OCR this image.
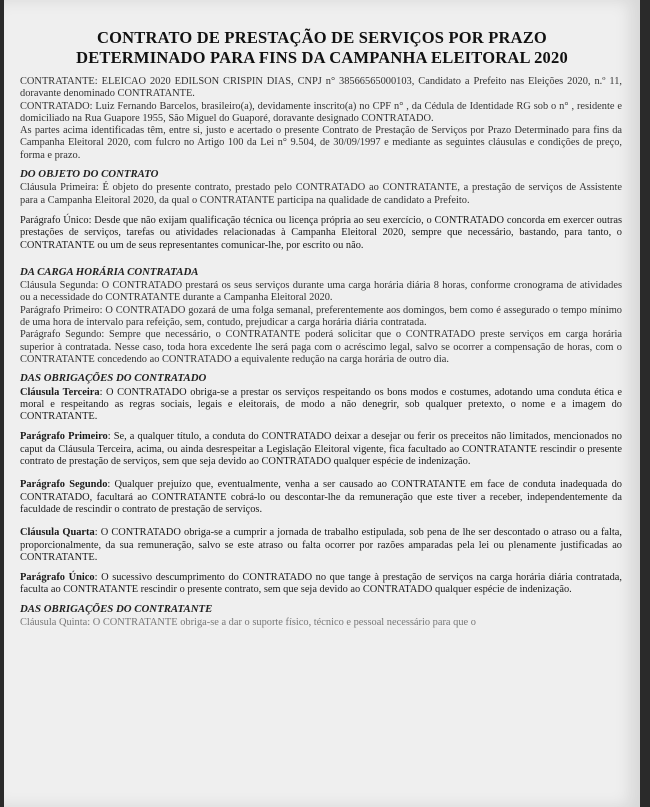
CONTRATO DE PRESTAÇÃO DE SERVIÇOS POR PRAZO
DETERMINADO PARA FINS DA CAMPANHA ELEITORAL 2020

CONTRATANTE: ELEICAO 2020 EDILSON CRISPIN DIAS, CNPJ n° 38566565000103, Candidato a Prefeito nas Eleições 2020, n.º 11, doravante denominado CONTRATANTE.

CONTRATADO: Luiz Fernando Barcelos, brasileiro(a), devidamente inscrito(a) no CPF n° , da Cédula de Identidade RG sob o n° , residente e domiciliado na Rua Guapore 1955, São Miguel do Guaporé, doravante designado CONTRATADO.

As partes acima identificadas têm, entre si, justo e acertado o presente Contrato de Prestação de Serviços por Prazo Determinado para fins da Campanha Eleitoral 2020, com fulcro no Artigo 100 da Lei n° 9.504, de 30/09/1997 e mediante as seguintes cláusulas e condições de preço, forma e prazo.

DO OBJETO DO CONTRATO

Cláusula Primeira: É objeto do presente contrato, prestado pelo CONTRATADO ao CONTRATANTE, a prestação de serviços de Assistente para a Campanha Eleitoral 2020, da qual o CONTRATANTE participa na qualidade de candidato a Prefeito.

Parágrafo Único: Desde que não exijam qualificação técnica ou licença própria ao seu exercício, o CONTRATADO concorda em exercer outras prestações de serviços, tarefas ou atividades relacionadas à Campanha Eleitoral 2020, sempre que necessário, bastando, para tanto, o CONTRATANTE ou um de seus representantes comunicar-lhe, por escrito ou não.

DA CARGA HORÁRIA CONTRATADA

Cláusula Segunda: O CONTRATADO prestará os seus serviços durante uma carga horária diária 8 horas, conforme cronograma de atividades ou a necessidade do CONTRATANTE durante a Campanha Eleitoral 2020.

Parágrafo Primeiro: O CONTRATADO gozará de uma folga semanal, preferentemente aos domingos, bem como é assegurado o tempo mínimo de uma hora de intervalo para refeição, sem, contudo, prejudicar a carga horária diária contratada.

Parágrafo Segundo: Sempre que necessário, o CONTRATANTE poderá solicitar que o CONTRATADO preste serviços em carga horária superior à contratada. Nesse caso, toda hora excedente lhe será paga com o acréscimo legal, salvo se ocorrer a compensação de horas, com o CONTRATANTE concedendo ao CONTRATADO a equivalente redução na carga horária de outro dia.

DAS OBRIGAÇÕES DO CONTRATADO

Cláusula Terceira: O CONTRATADO obriga-se a prestar os serviços respeitando os bons modos e costumes, adotando uma conduta ética e moral e respeitando as regras sociais, legais e eleitorais, de modo a não denegrir, sob qualquer pretexto, o nome e a imagem do CONTRATANTE.

Parágrafo Primeiro: Se, a qualquer título, a conduta do CONTRATADO deixar a desejar ou ferir os preceitos não limitados, mencionados no caput da Cláusula Terceira, acima, ou ainda desrespeitar a Legislação Eleitoral vigente, fica facultado ao CONTRATANTE rescindir o presente contrato de prestação de serviços, sem que seja devido ao CONTRATADO qualquer espécie de indenização.

Parágrafo Segundo: Qualquer prejuízo que, eventualmente, venha a ser causado ao CONTRATANTE em face de conduta inadequada do CONTRATADO, facultará ao CONTRATANTE cobrá-lo ou descontar-lhe da remuneração que este tiver a receber, independentemente da faculdade de rescindir o contrato de prestação de serviços.

Cláusula Quarta: O CONTRATADO obriga-se a cumprir a jornada de trabalho estipulada, sob pena de lhe ser descontado o atraso ou a falta, proporcionalmente, da sua remuneração, salvo se este atraso ou falta ocorrer por razões amparadas pela lei ou plenamente justificadas ao CONTRATANTE.

Parágrafo Único: O sucessivo descumprimento do CONTRATADO no que tange à prestação de serviços na carga horária diária contratada, faculta ao CONTRATANTE rescindir o presente contrato, sem que seja devido ao CONTRATADO qualquer espécie de indenização.

DAS OBRIGAÇÕES DO CONTRATANTE

Cláusula Quinta: O CONTRATANTE obriga-se a dar o suporte físico, técnico e pessoal necessário para que o
